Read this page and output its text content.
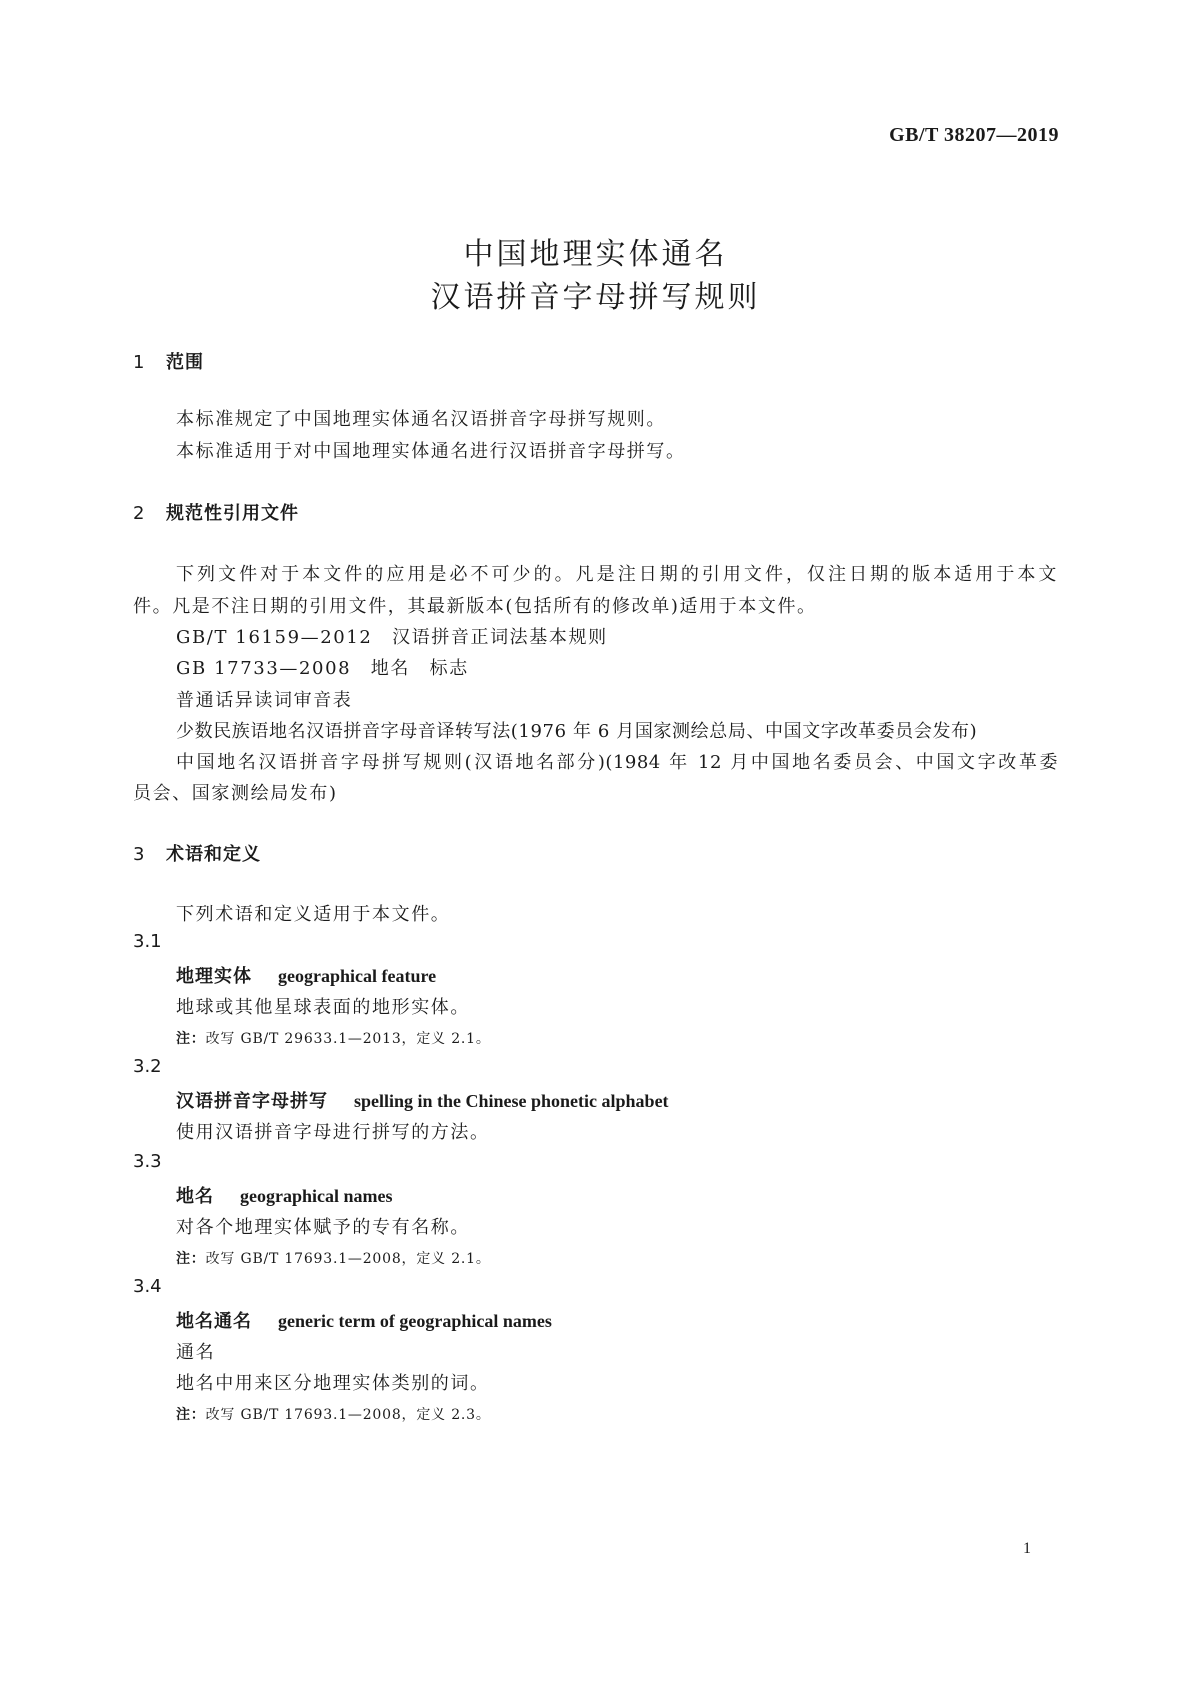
GB/T 38207—2019
中国地理实体通名
汉语拼音字母拼写规则
1 范围
本标准规定了中国地理实体通名汉语拼音字母拼写规则。
本标准适用于对中国地理实体通名进行汉语拼音字母拼写。
2 规范性引用文件
下列文件对于本文件的应用是必不可少的。凡是注日期的引用文件，仅注日期的版本适用于本文
件。凡是不注日期的引用文件，其最新版本(包括所有的修改单)适用于本文件。
GB/T 16159—2012　汉语拼音正词法基本规则
GB 17733—2008　地名　标志
普通话异读词审音表
少数民族语地名汉语拼音字母音译转写法(1976 年 6 月国家测绘总局、中国文字改革委员会发布)
中国地名汉语拼音字母拼写规则(汉语地名部分)(1984 年 12 月中国地名委员会、中国文字改革委
员会、国家测绘局发布)
3 术语和定义
下列术语和定义适用于本文件。
3.1
地理实体 geographical feature
地球或其他星球表面的地形实体。
注：改写 GB/T 29633.1—2013，定义 2.1。
3.2
汉语拼音字母拼写 spelling in the Chinese phonetic alphabet
使用汉语拼音字母进行拼写的方法。
3.3
地名 geographical names
对各个地理实体赋予的专有名称。
注：改写 GB/T 17693.1—2008，定义 2.1。
3.4
地名通名 generic term of geographical names
通名
地名中用来区分地理实体类别的词。
注：改写 GB/T 17693.1—2008，定义 2.3。
1
